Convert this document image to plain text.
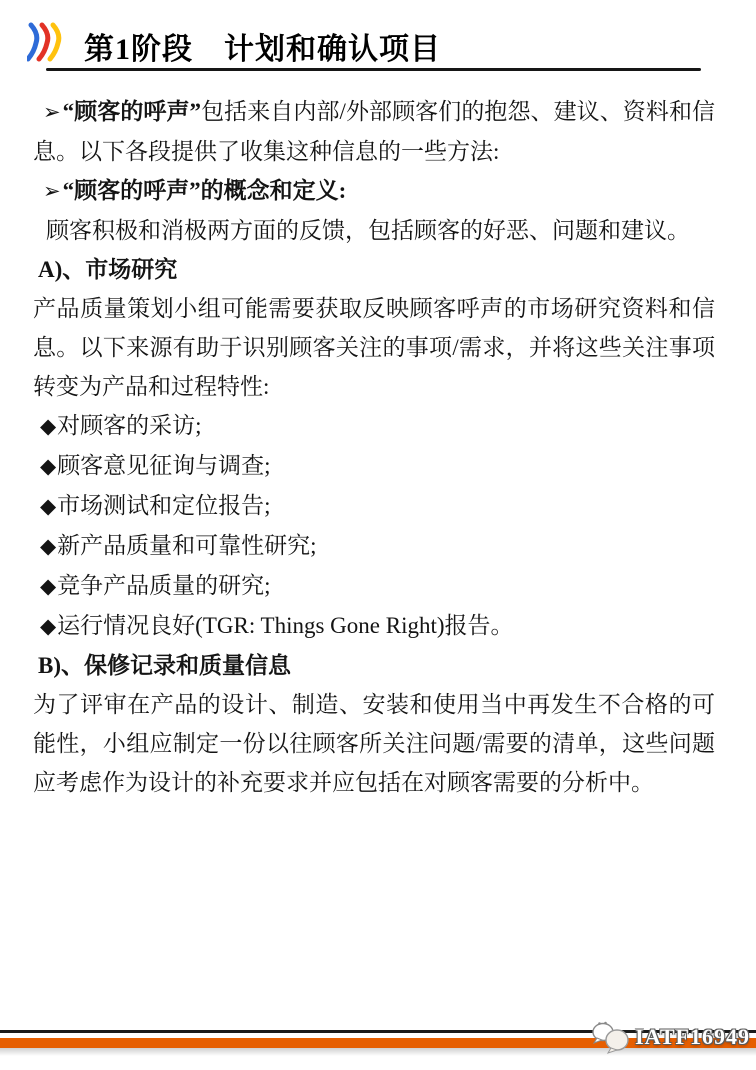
第1阶段　计划和确认项目

➢“顾客的呼声”包括来自内部/外部顾客们的抱怨、建议、资料和信息。以下各段提供了收集这种信息的一些方法:

➢“顾客的呼声”的概念和定义:

顾客积极和消极两方面的反馈，包括顾客的好恶、问题和建议。

A)、市场研究

产品质量策划小组可能需要获取反映顾客呼声的市场研究资料和信息。以下来源有助于识别顾客关注的事项/需求，并将这些关注事项转变为产品和过程特性:

◆对顾客的采访;
◆顾客意见征询与调查;
◆市场测试和定位报告;
◆新产品质量和可靠性研究;
◆竞争产品质量的研究;
◆运行情况良好(TGR: Things Gone Right)报告。
B)、保修记录和质量信息

为了评审在产品的设计、制造、安装和使用当中再发生不合格的可能性，小组应制定一份以往顾客所关注问题/需要的清单，这些问题应考虑作为设计的补充要求并应包括在对顾客需要的分析中。

IATF16949
